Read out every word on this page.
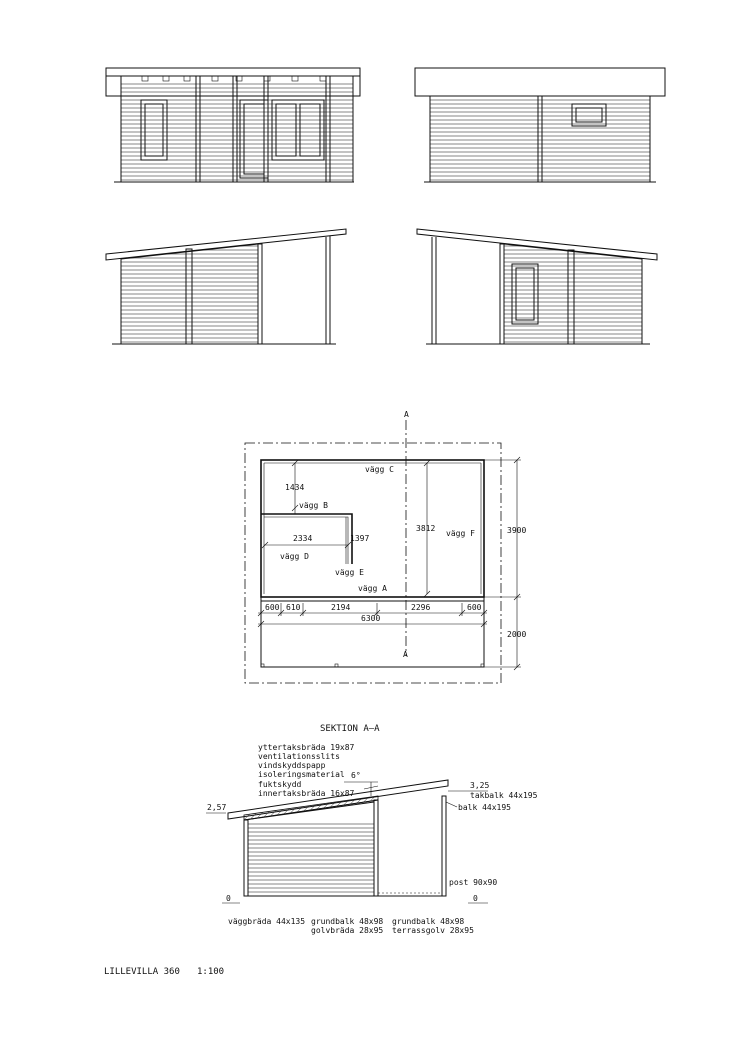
A
A
1434
2334	1397
3812	3900
2000
600 610	2194	2296	600
6300
vägg C
vägg B
vägg D
vägg E
vägg A
vägg F
SEKTION A–A
yttertaksbräda 19x87
ventilationsslits
vindskyddspapp
isoleringsmaterial
fuktskydd
innertaksbräda 16x87
6°
2,57
3,25
takbalk 44x195
balk 44x195
post 90x90
0	0
väggbräda 44x135 grundbalk 48x98
golvbräda 28x95
grundbalk 48x98
terrassgolv 28x95
LILLEVILLA 360 1:100
